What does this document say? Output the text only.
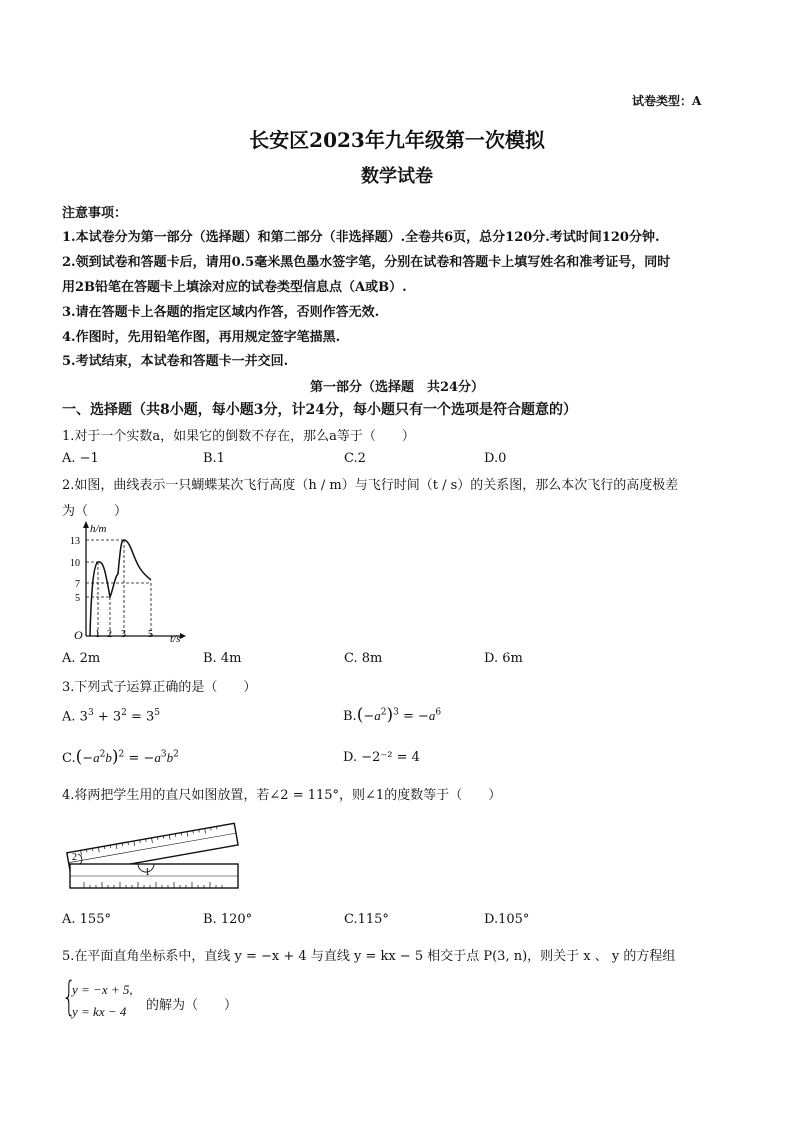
试卷类型：A
长安区2023年九年级第一次模拟
数学试卷
注意事项：
1.本试卷分为第一部分（选择题）和第二部分（非选择题）.全卷共6页，总分120分.考试时间120分钟.
2.领到试卷和答题卡后，请用0.5毫米黑色墨水签字笔，分别在试卷和答题卡上填写姓名和准考证号，同时
用2B铅笔在答题卡上填涂对应的试卷类型信息点（A或B）.
3.请在答题卡上各题的指定区域内作答，否则作答无效.
4.作图时，先用铅笔作图，再用规定签字笔描黑.
5.考试结束，本试卷和答题卡一并交回.
第一部分（选择题　共24分）
一、选择题（共8小题，每小题3分，计24分，每小题只有一个选项是符合题意的）
1.对于一个实数a，如果它的倒数不存在，那么a等于（　　）
A. −1	B.1	C.2	D.0
2.如图，曲线表示一只蝴蝶某次飞行高度（h / m）与飞行时间（t / s）的关系图，那么本次飞行的高度极差
为（　　）
h/m
13
10
7
5
O 1 2 3 5 t/s
A. 2m	B. 4m	C. 8m	D. 6m
3.下列式子运算正确的是（　　）
A. $3^3 + 3^2 = 3^5$	$B.(-a^2)^3 = -a^6$
$C.(-a^2b)^2 = -a^3b^2$	D. −2⁻² = 4
4.将两把学生用的直尺如图放置，若∠2 = 115°，则∠1的度数等于（　　）
1
2
A. 155°	B. 120°	C.115°	D.105°
5.在平面直角坐标系中，直线 y = −x + 4 与直线 y = kx − 5 相交于点 P(3, n)，则关于 x 、 y 的方程组
{
y = −x + 5,
y = kx − 4 的解为（　　）
